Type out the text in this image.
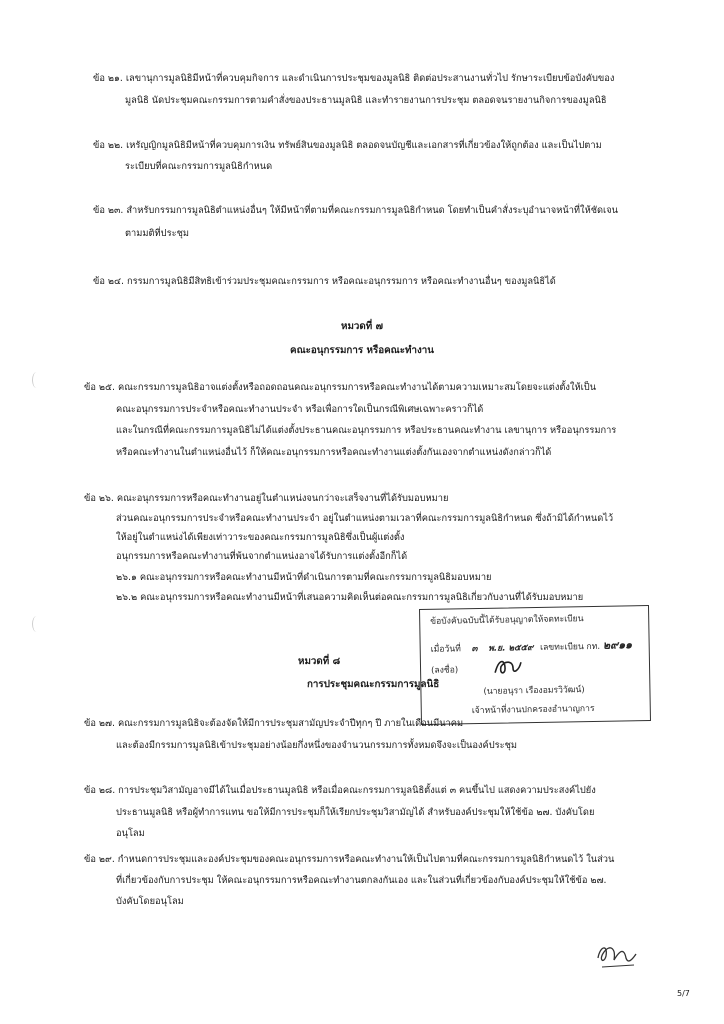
ข้อ ๒๑. เลขานุการมูลนิธิมีหน้าที่ควบคุมกิจการ และดำเนินการประชุมของมูลนิธิ ติดต่อประสานงานทั่วไป รักษาระเบียบข้อบังคับของ
มูลนิธิ นัดประชุมคณะกรรมการตามคำสั่งของประธานมูลนิธิ และทำรายงานการประชุม ตลอดจนรายงานกิจการของมูลนิธิ
ข้อ ๒๒. เหรัญญิกมูลนิธิมีหน้าที่ควบคุมการเงิน ทรัพย์สินของมูลนิธิ ตลอดจนบัญชีและเอกสารที่เกี่ยวข้องให้ถูกต้อง และเป็นไปตาม
ระเบียบที่คณะกรรมการมูลนิธิกำหนด
ข้อ ๒๓. สำหรับกรรมการมูลนิธิตำแหน่งอื่นๆ ให้มีหน้าที่ตามที่คณะกรรมการมูลนิธิกำหนด โดยทำเป็นคำสั่งระบุอำนาจหน้าที่ให้ชัดเจน
ตามมติที่ประชุม
ข้อ ๒๔. กรรมการมูลนิธิมีสิทธิเข้าร่วมประชุมคณะกรรมการ หรือคณะอนุกรรมการ หรือคณะทำงานอื่นๆ ของมูลนิธิได้
หมวดที่ ๗
คณะอนุกรรมการ หรือคณะทำงาน
ข้อ ๒๕. คณะกรรมการมูลนิธิอาจแต่งตั้งหรือถอดถอนคณะอนุกรรมการหรือคณะทำงานได้ตามความเหมาะสมโดยจะแต่งตั้งให้เป็น
คณะอนุกรรมการประจำหรือคณะทำงานประจำ หรือเพื่อการใดเป็นกรณีพิเศษเฉพาะคราวก็ได้
และในกรณีที่คณะกรรมการมูลนิธิไม่ได้แต่งตั้งประธานคณะอนุกรรมการ หรือประธานคณะทำงาน เลขานุการ หรืออนุกรรมการ
หรือคณะทำงานในตำแหน่งอื่นไว้ ก็ให้คณะอนุกรรมการหรือคณะทำงานแต่งตั้งกันเองจากตำแหน่งดังกล่าวก็ได้
ข้อ ๒๖. คณะอนุกรรมการหรือคณะทำงานอยู่ในตำแหน่งจนกว่าจะเสร็จงานที่ได้รับมอบหมาย
ส่วนคณะอนุกรรมการประจำหรือคณะทำงานประจำ อยู่ในตำแหน่งตามเวลาที่คณะกรรมการมูลนิธิกำหนด ซึ่งถ้ามิได้กำหนดไว้
ให้อยู่ในตำแหน่งได้เพียงเท่าวาระของคณะกรรมการมูลนิธิซึ่งเป็นผู้แต่งตั้ง
อนุกรรมการหรือคณะทำงานที่พ้นจากตำแหน่งอาจได้รับการแต่งตั้งอีกก็ได้
๒๖.๑ คณะอนุกรรมการหรือคณะทำงานมีหน้าที่ดำเนินการตามที่คณะกรรมการมูลนิธิมอบหมาย
๒๖.๒ คณะอนุกรรมการหรือคณะทำงานมีหน้าที่เสนอความคิดเห็นต่อคณะกรรมการมูลนิธิเกี่ยวกับงานที่ได้รับมอบหมาย
หมวดที่ ๘
การประชุมคณะกรรมการมูลนิธิ
ข้อบังคับฉบับนี้ได้รับอนุญาตให้จดทะเบียน
เมื่อวันที่ ๓ พ.ย. ๒๕๕๙ เลขทะเบียน กท. ๒๙๑๑
(ลงชื่อ)
(นายอนุรา เรืองอมรวิวัฒน์)
เจ้าหน้าที่งานปกครองอำนาญการ
ข้อ ๒๗. คณะกรรมการมูลนิธิจะต้องจัดให้มีการประชุมสามัญประจำปีทุกๆ ปี ภายในเดือนมีนาคม
และต้องมีกรรมการมูลนิธิเข้าประชุมอย่างน้อยกึ่งหนึ่งของจำนวนกรรมการทั้งหมดจึงจะเป็นองค์ประชุม
ข้อ ๒๘. การประชุมวิสามัญอาจมีได้ในเมื่อประธานมูลนิธิ หรือเมื่อคณะกรรมการมูลนิธิตั้งแต่ ๓ คนขึ้นไป แสดงความประสงค์ไปยัง
ประธานมูลนิธิ หรือผู้ทำการแทน ขอให้มีการประชุมก็ให้เรียกประชุมวิสามัญได้ สำหรับองค์ประชุมให้ใช้ข้อ ๒๗. บังคับโดย
อนุโลม
ข้อ ๒๙. กำหนดการประชุมและองค์ประชุมของคณะอนุกรรมการหรือคณะทำงานให้เป็นไปตามที่คณะกรรมการมูลนิธิกำหนดไว้ ในส่วน
ที่เกี่ยวข้องกับการประชุม ให้คณะอนุกรรมการหรือคณะทำงานตกลงกันเอง และในส่วนที่เกี่ยวข้องกับองค์ประชุมให้ใช้ข้อ ๒๗.
บังคับโดยอนุโลม
5/7
